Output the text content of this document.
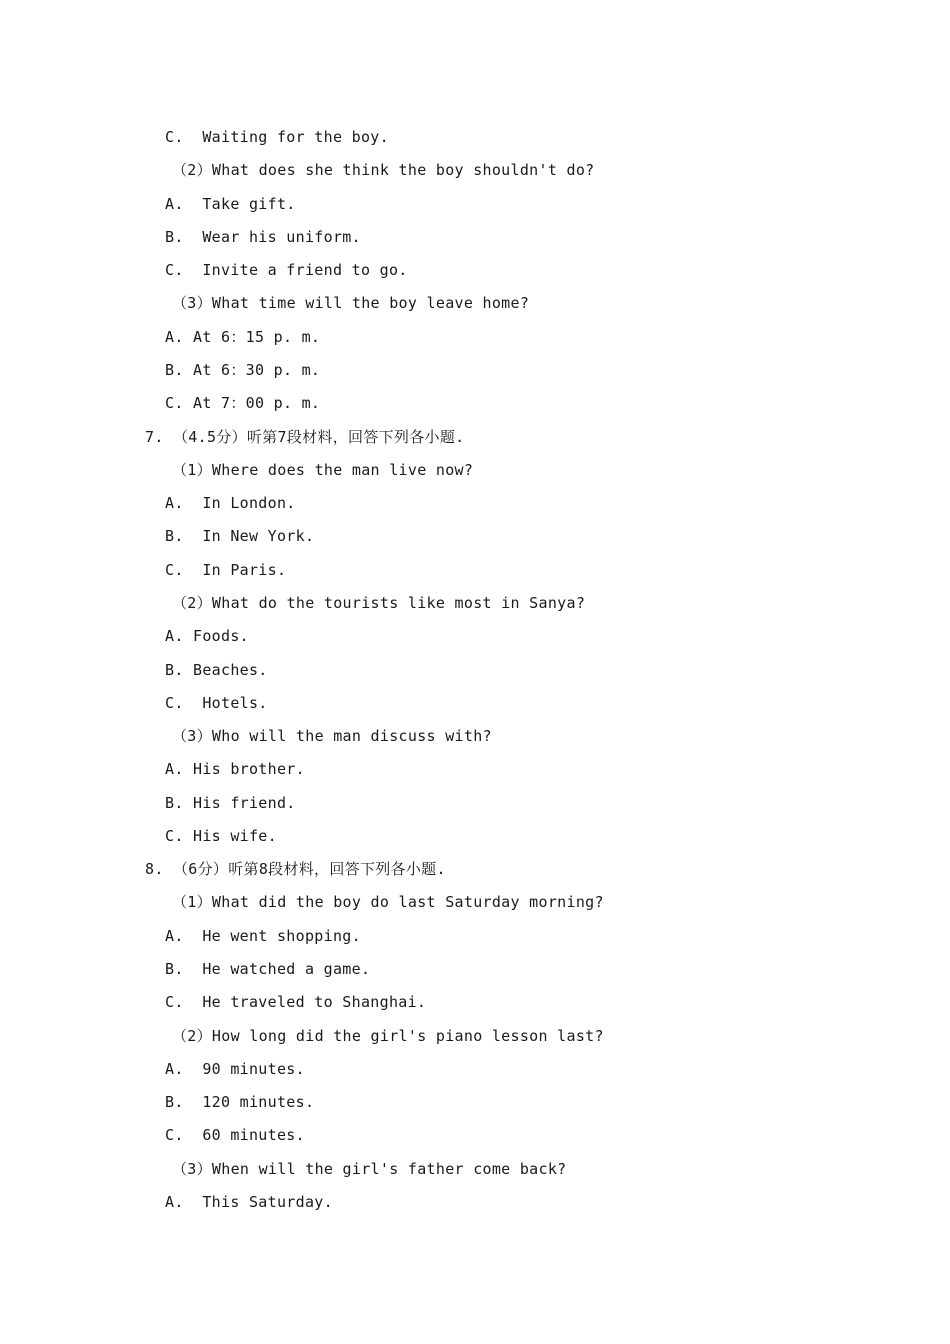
C.  Waiting for the boy.
（2）What does she think the boy shouldn't do?
A.  Take gift.
B.  Wear his uniform.
C.  Invite a friend to go.
（3）What time will the boy leave home?
A. At 6：15 p. m.
B. At 6：30 p. m.
C. At 7：00 p. m.
7. （4.5分）听第7段材料，回答下列各小题.
（1）Where does the man live now?
A.  In London.
B.  In New York.
C.  In Paris.
（2）What do the tourists like most in Sanya?
A. Foods.
B. Beaches.
C.  Hotels.
（3）Who will the man discuss with?
A. His brother.
B. His friend.
C. His wife.
8. （6分）听第8段材料，回答下列各小题.
（1）What did the boy do last Saturday morning?
A.  He went shopping.
B.  He watched a game.
C.  He traveled to Shanghai.
（2）How long did the girl's piano lesson last?
A.  90 minutes.
B.  120 minutes.
C.  60 minutes.
（3）When will the girl's father come back?
A.  This Saturday.
